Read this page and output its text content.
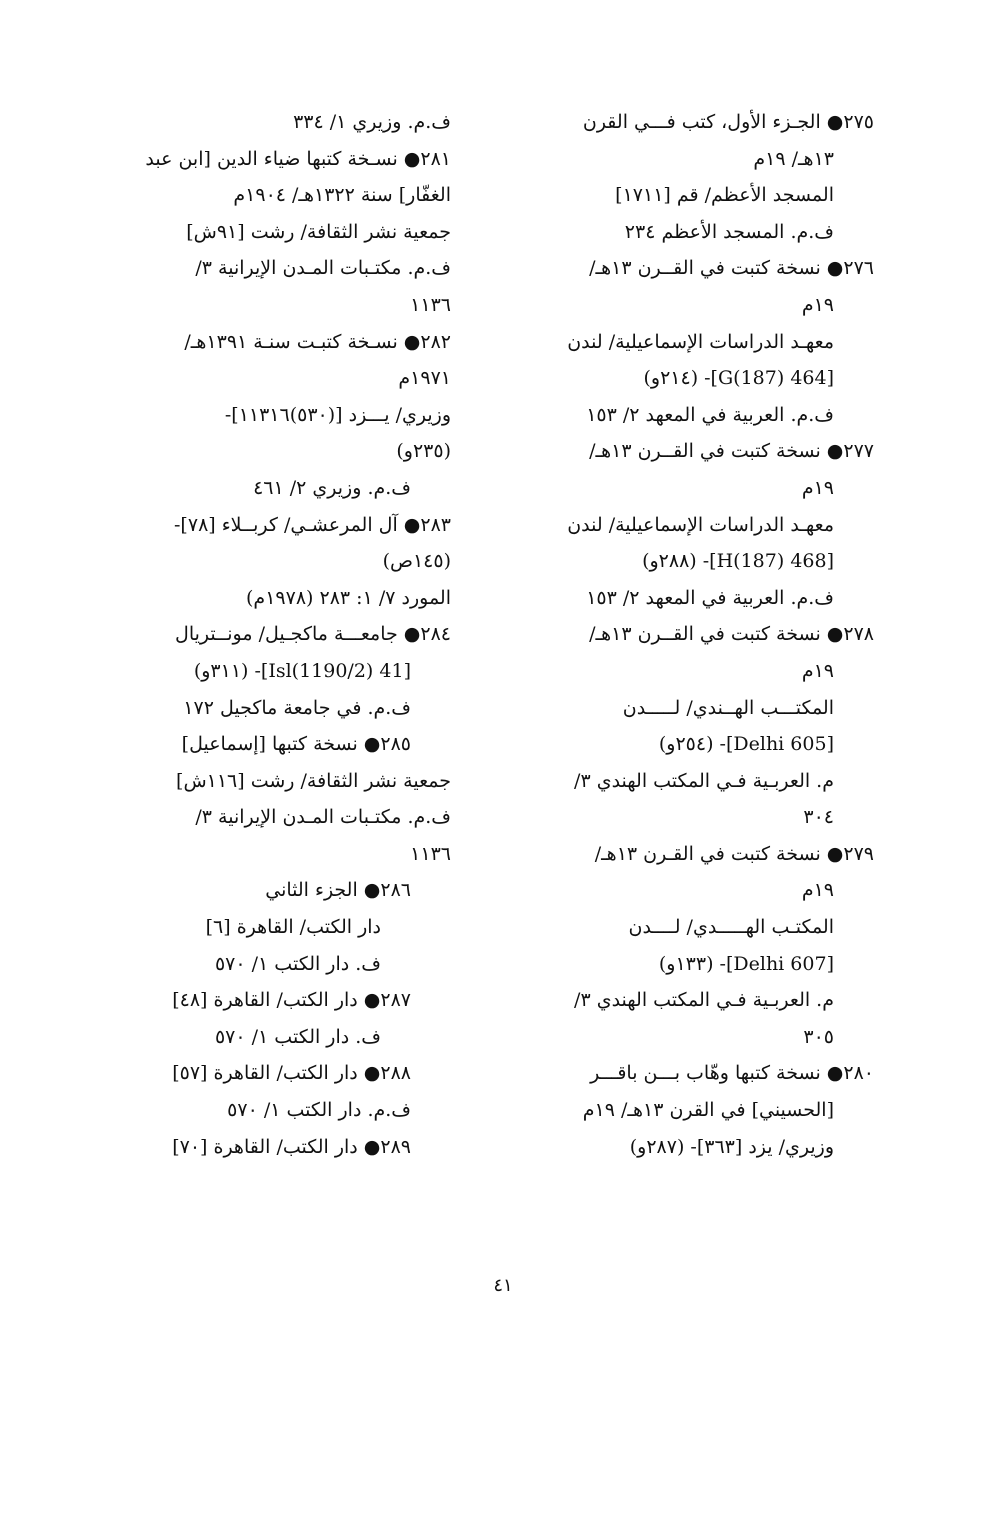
٢٧٥● الجـزء الأول، كتب فـــي القرن
١٣هـ/ ١٩م
المسجد الأعظم/ قم [١٧١١]
ف.م. المسجد الأعظم ٢٣٤
٢٧٦● نسخة كتبت في القــرن ١٣هـ/
١٩م
معهـد الدراسات الإسماعيلية/ لندن
[464 G(187)]- (٢١٤و)
ف.م. العربية في المعهد ٢/ ١٥٣
٢٧٧● نسخة كتبت في القــرن ١٣هـ/
١٩م
معهـد الدراسات الإسماعيلية/ لندن
[468 H(187)]- (٢٨٨و)
ف.م. العربية في المعهد ٢/ ١٥٣
٢٧٨● نسخة كتبت في القــرن ١٣هـ/
١٩م
المكتـــب الهــندي/ لـــــدن
[Delhi 605]- (٢٥٤و)
م. العربـية فـي المكتب الهندي ٣/
٣٠٤
٢٧٩● نسخة كتبت في القـرن ١٣هـ/
١٩م
المكتـب الهـــــدي/ لــــدن
[Delhi 607]- (١٣٣و)
م. العربـية فـي المكتب الهندي ٣/
٣٠٥
٢٨٠● نسخة كتبها وهّاب بـــن باقـــر
[الحسيني] في القرن ١٣هـ/ ١٩م
وزيري/ يزد [٣٦٣]- (٢٨٧و)
ف.م. وزيري ١/ ٣٣٤
٢٨١● نسـخة كتبها ضياء الدين [ابن عبد
الغفّار] سنة ١٣٢٢هـ/ ١٩٠٤م
جمعية نشر الثقافة/ رشت [٩١ش]
ف.م. مكتـبات المـدن الإيرانية ٣/
١١٣٦
٢٨٢● نسـخة كتبـت سنـة ١٣٩١هـ/
١٩٧١م
وزيري/ يـــزد [(٥٣٠)١١٣١٦]-
(٢٣٥و)
ف.م. وزيري ٢/ ٤٦١
٢٨٣● آل المرعشـي/ كربــلاء [٧٨]-
(١٤٥ص)
المورد ٧/ ١: ٢٨٣ (١٩٧٨م)
٢٨٤● جامعـــة ماكجـيل/ مونــتريال
[41 Isl(1190/2)]- (٣١١و)
ف.م. في جامعة ماكجيل ١٧٢
٢٨٥● نسخة كتبها [إسماعيل]
جمعية نشر الثقافة/ رشت [١١٦ش]
ف.م. مكتـبات المـدن الإيرانية ٣/
١١٣٦
٢٨٦● الجزء الثاني
دار الكتب/ القاهرة [٦]
ف. دار الكتب ١/ ٥٧٠
٢٨٧● دار الكتب/ القاهرة [٤٨]
ف. دار الكتب ١/ ٥٧٠
٢٨٨● دار الكتب/ القاهرة [٥٧]
ف.م. دار الكتب ١/ ٥٧٠
٢٨٩● دار الكتب/ القاهرة [٧٠]
٤١
